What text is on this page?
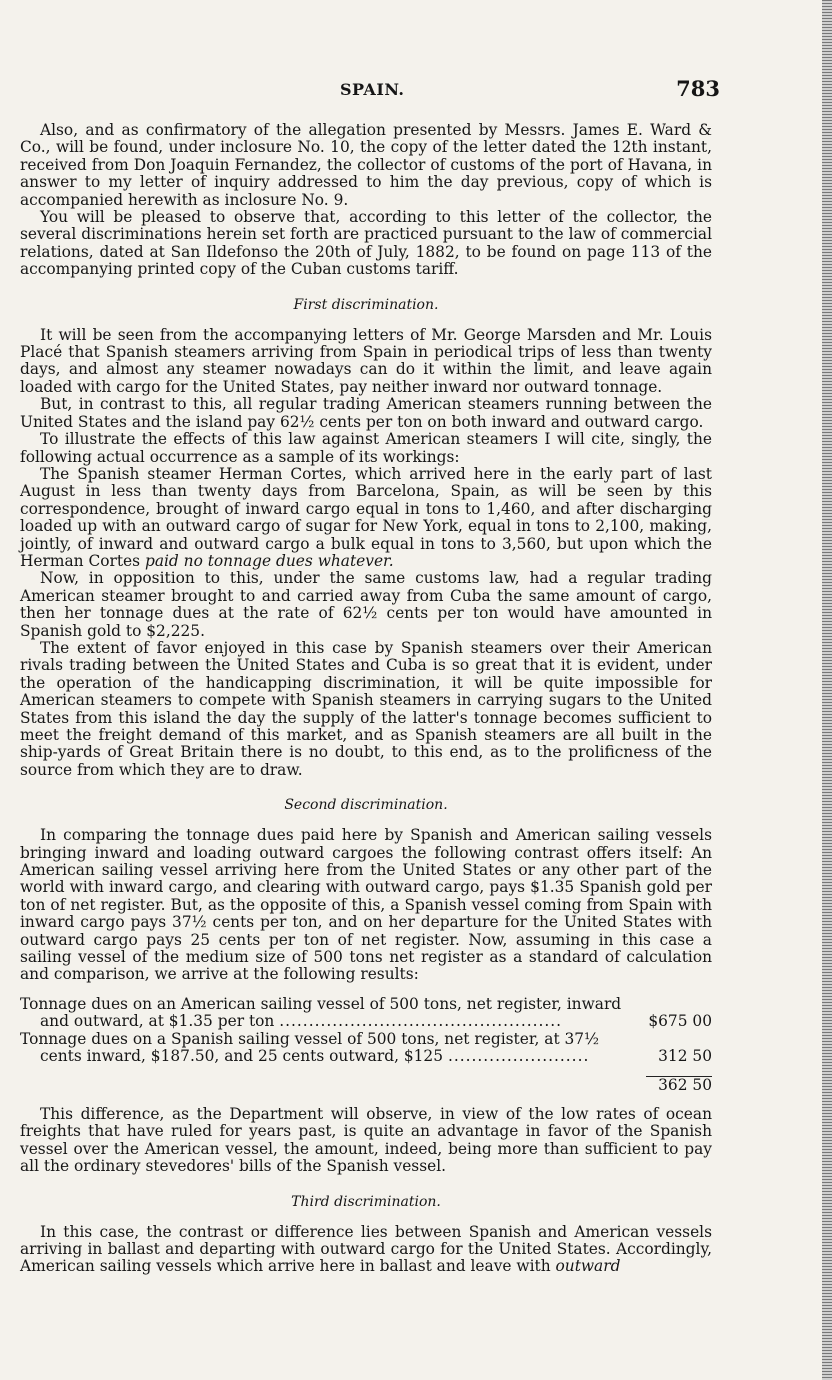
SPAIN.	783

Also, and as confirmatory of the allegation presented by Messrs. James E. Ward & Co., will be found, under inclosure No. 10, the copy of the letter dated the 12th instant, received from Don Joaquin Fernandez, the collector of customs of the port of Havana, in answer to my letter of inquiry addressed to him the day previous, copy of which is accompanied herewith as inclosure No. 9.

You will be pleased to observe that, according to this letter of the collector, the several discriminations herein set forth are practiced pursuant to the law of commercial relations, dated at San Ildefonso the 20th of July, 1882, to be found on page 113 of the accompanying printed copy of the Cuban customs tariff.

First discrimination.

It will be seen from the accompanying letters of Mr. George Marsden and Mr. Louis Placé that Spanish steamers arriving from Spain in periodical trips of less than twenty days, and almost any steamer nowadays can do it within the limit, and leave again loaded with cargo for the United States, pay neither inward nor outward tonnage.

But, in contrast to this, all regular trading American steamers running between the United States and the island pay 62½ cents per ton on both inward and outward cargo.

To illustrate the effects of this law against American steamers I will cite, singly, the following actual occurrence as a sample of its workings:

The Spanish steamer Herman Cortes, which arrived here in the early part of last August in less than twenty days from Barcelona, Spain, as will be seen by this correspondence, brought of inward cargo equal in tons to 1,460, and after discharging loaded up with an outward cargo of sugar for New York, equal in tons to 2,100, making, jointly, of inward and outward cargo a bulk equal in tons to 3,560, but upon which the Herman Cortes paid no tonnage dues whatever.

Now, in opposition to this, under the same customs law, had a regular trading American steamer brought to and carried away from Cuba the same amount of cargo, then her tonnage dues at the rate of 62½ cents per ton would have amounted in Spanish gold to $2,225.

The extent of favor enjoyed in this case by Spanish steamers over their American rivals trading between the United States and Cuba is so great that it is evident, under the operation of the handicapping discrimination, it will be quite impossible for American steamers to compete with Spanish steamers in carrying sugars to the United States from this island the day the supply of the latter's tonnage becomes sufficient to meet the freight demand of this market, and as Spanish steamers are all built in the ship-yards of Great Britain there is no doubt, to this end, as to the prolificness of the source from which they are to draw.

Second discrimination.

In comparing the tonnage dues paid here by Spanish and American sailing vessels bringing inward and loading outward cargoes the following contrast offers itself: An American sailing vessel arriving here from the United States or any other part of the world with inward cargo, and clearing with outward cargo, pays $1.35 Spanish gold per ton of net register. But, as the opposite of this, a Spanish vessel coming from Spain with inward cargo pays 37½ cents per ton, and on her departure for the United States with outward cargo pays 25 cents per ton of net register. Now, assuming in this case a sailing vessel of the medium size of 500 tons net register as a standard of calculation and comparison, we arrive at the following results:

Tonnage dues on an American sailing vessel of 500 tons, net register, inward
and outward, at $1.35 per ton ................................................	$675 00
Tonnage dues on a Spanish sailing vessel of 500 tons, net register, at 37½
cents inward, $187.50, and 25 cents outward, $125 ........................	312 50
362 50

This difference, as the Department will observe, in view of the low rates of ocean freights that have ruled for years past, is quite an advantage in favor of the Spanish vessel over the American vessel, the amount, indeed, being more than sufficient to pay all the ordinary stevedores' bills of the Spanish vessel.

Third discrimination.

In this case, the contrast or difference lies between Spanish and American vessels arriving in ballast and departing with outward cargo for the United States. Accordingly, American sailing vessels which arrive here in ballast and leave with outward
